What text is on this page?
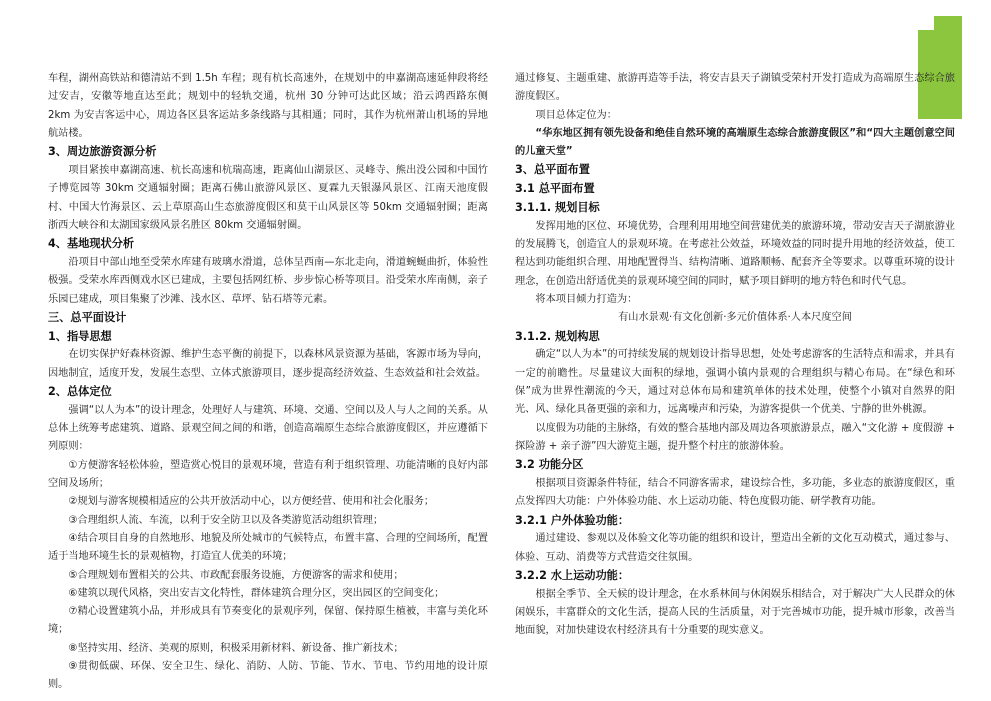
车程，湖州高铁站和德清站不到 1.5h 车程；现有杭长高速外，在规划中的申嘉湖高速延伸段将经过安吉，安徽等地直达至此；规划中的轻轨交通，杭州 30 分钟可达此区域；沿云鸿西路东侧 2km 为安吉客运中心，周边各区县客运站多条线路与其相通；同时，其作为杭州萧山机场的异地航站楼。

3、周边旅游资源分析

项目紧挨申嘉湖高速、杭长高速和杭瑞高速，距离仙山湖景区、灵峰寺、熊出没公园和中国竹子博览园等 30km 交通辐射圈；距离石佛山旅游风景区、夏霖九天银瀑风景区、江南天池度假村、中国大竹海景区、云上草原高山生态旅游度假区和莫干山风景区等 50km 交通辐射圈；距离浙西大峡谷和太湖国家级风景名胜区 80km 交通辐射圈。

4、基地现状分析

沿项目中部山地至受荣水库建有玻璃水滑道，总体呈西南—东北走向，滑道蜿蜒曲折，体验性极强。受荣水库西侧戏水区已建成，主要包括网红桥、步步惊心桥等项目。沿受荣水库南侧，亲子乐园已建成，项目集聚了沙滩、浅水区、草坪、钻石塔等元素。

三、总平面设计
1、指导思想

在切实保护好森林资源、维护生态平衡的前提下，以森林风景资源为基础，客源市场为导向，因地制宜，适度开发，发展生态型、立体式旅游项目，逐步提高经济效益、生态效益和社会效益。

2、总体定位

强调“以人为本”的设计理念，处理好人与建筑、环境、交通、空间以及人与人之间的关系。从总体上统筹考虑建筑、道路、景观空间之间的和谐，创造高端原生态综合旅游度假区，并应遵循下列原则：

①方便游客轻松体验，塑造赏心悦目的景观环境，营造有利于组织管理、功能清晰的良好内部空间及场所；

②规划与游客规模相适应的公共开放活动中心，以方便经营、使用和社会化服务；

③合理组织人流、车流，以利于安全防卫以及各类游览活动组织管理；

④结合项目自身的自然地形、地貌及所处城市的气候特点，布置丰富、合理的空间场所，配置适于当地环境生长的景观植物，打造宜人优美的环境；

⑤合理规划布置相关的公共、市政配套服务设施，方便游客的需求和使用；

⑥建筑以现代风格，突出安吉文化特性，群体建筑合理分区，突出园区的空间变化；

⑦精心设置建筑小品，并形成具有节奏变化的景观序列，保留、保持原生植被，丰富与美化环境；

⑧坚持实用、经济、美观的原则，积极采用新材料、新设备、推广新技术；

⑨贯彻低碳、环保、安全卫生、绿化、消防、人防、节能、节水、节电、节约用地的设计原则。

通过修复、主题重建、旅游再造等手法，将安吉县天子湖镇受荣村开发打造成为高端原生态综合旅游度假区。

项目总体定位为：

“华东地区拥有领先设备和绝佳自然环境的高端原生态综合旅游度假区”和“四大主题创意空间的儿童天堂”

3、总平面布置
3.1 总平面布置
3.1.1. 规划目标

发挥用地的区位、环境优势，合理利用用地空间营建优美的旅游环境，带动安吉天子湖旅游业的发展腾飞，创造宜人的景观环境。在考虑社公效益，环境效益的同时提升用地的经济效益，使工程达到功能组织合理、用地配置得当、结构清晰、道路顺畅、配套齐全等要求。以尊重环境的设计理念，在创造出舒适优美的景观环境空间的同时，赋予项目鲜明的地方特色和时代气息。

将本项目倾力打造为：

有山水景观·有文化创新·多元价值体系·人本尺度空间

3.1.2. 规划构思

确定“以人为本”的可持续发展的规划设计指导思想，处处考虑游客的生活特点和需求，并具有一定的前瞻性。尽量建议大面积的绿地，强调小镇内景观的合理组织与精心布局。在“绿色和环保”成为世界性潮流的今天，通过对总体布局和建筑单体的技术处理，使整个小镇对自然界的阳光、风、绿化具备更强的亲和力，远离噪声和污染，为游客提供一个优美、宁静的世外桃源。

以度假为功能的主脉络，有效的整合基地内部及周边各项旅游景点，融入“文化游 + 度假游 + 探险游 + 亲子游”四大游览主题，提升整个村庄的旅游体验。

3.2 功能分区

根据项目资源条件特征，结合不同游客需求，建设综合性，多功能，多业态的旅游度假区，重点发挥四大功能：户外体验功能、水上运动功能、特色度假功能、研学教育功能。

3.2.1 户外体验功能：

通过建设、参观以及体验文化等功能的组织和设计，塑造出全新的文化互动模式，通过参与、体验、互动、消费等方式营造交往氛围。

3.2.2 水上运动功能：

根据全季节、全天候的设计理念，在水系林间与休闲娱乐相结合，对于解决广大人民群众的休闲娱乐，丰富群众的文化生活，提高人民的生活质量，对于完善城市功能，提升城市形象，改善当地面貌，对加快建设农村经济具有十分重要的现实意义。
